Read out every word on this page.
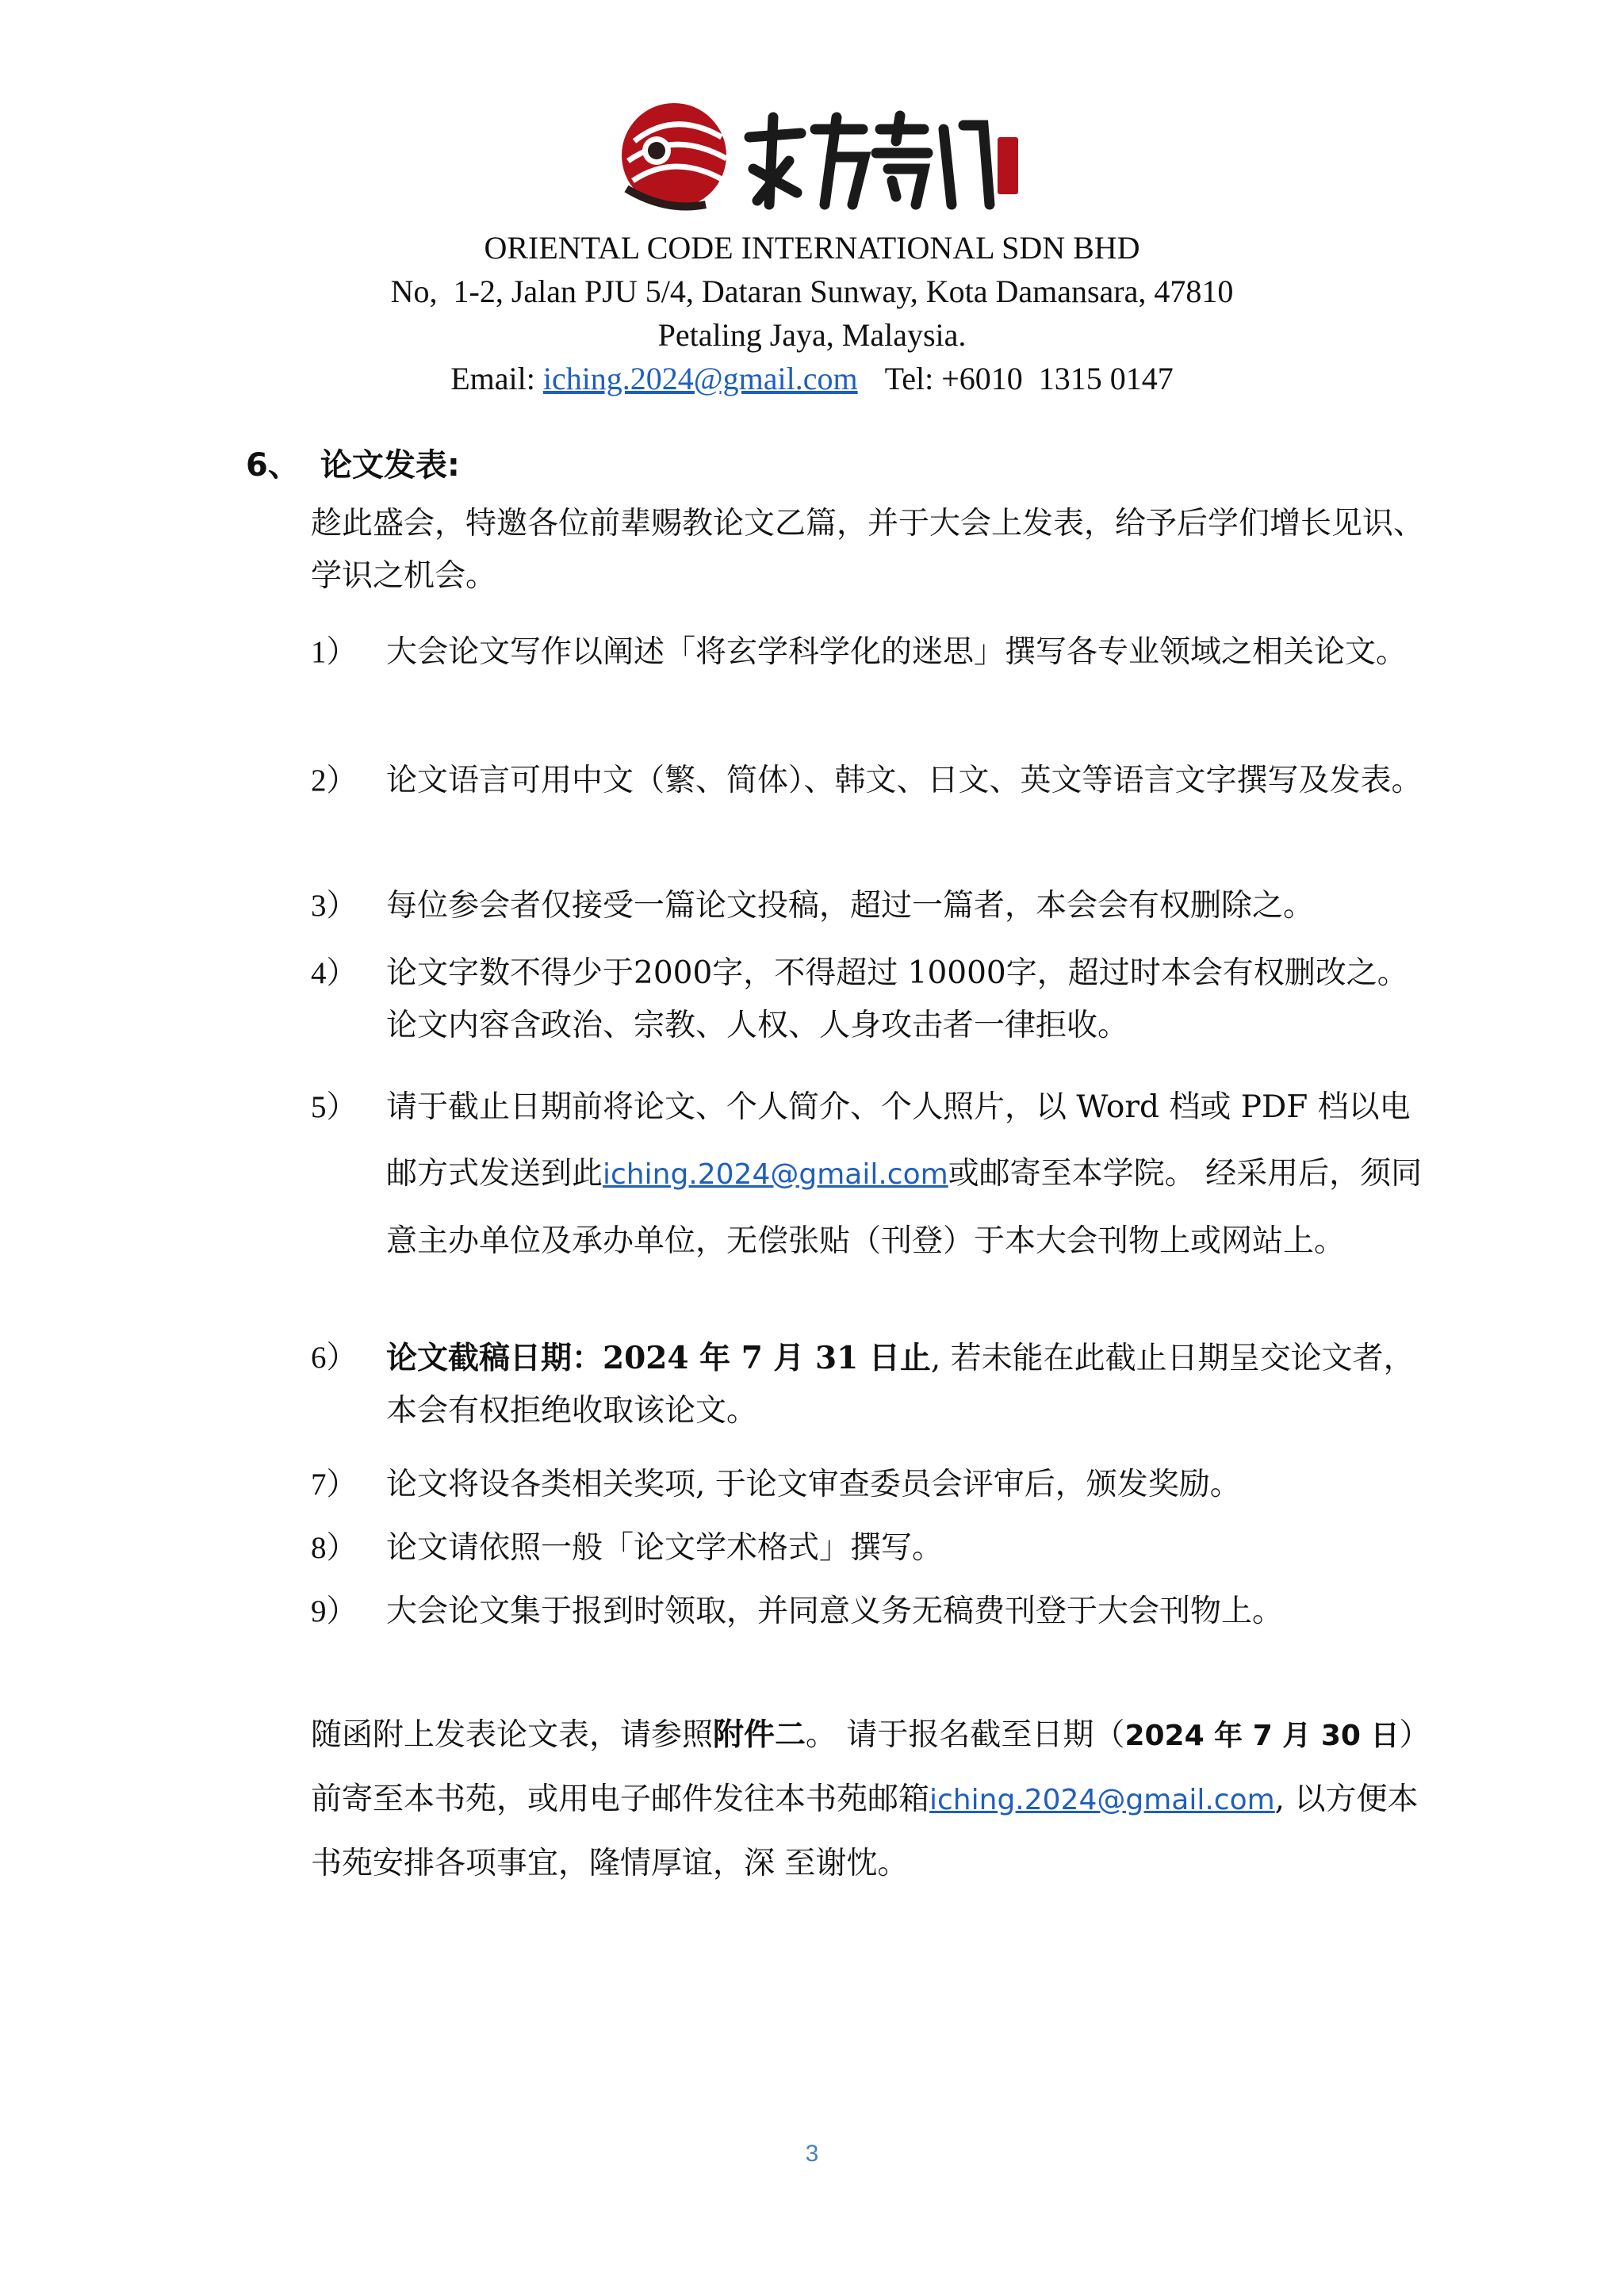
ORIENTAL CODE INTERNATIONAL SDN BHD
No,  1-2, Jalan PJU 5/4, Dataran Sunway, Kota Damansara, 47810
Petaling Jaya, Malaysia.
Email: iching.2024@gmail.com Tel: +6010  1315 0147
6、 论文发表:
趁此盛会，特邀各位前辈赐教论文乙篇，并于大会上发表，给予后学们增长见识、学识之机会。
1） 大会论文写作以阐述「将玄学科学化的迷思」撰写各专业领域之相关论文。
2） 论文语言可用中文（繁、简体）、韩文、日文、英文等语言文字撰写及发表。
3） 每位参会者仅接受一篇论文投稿，超过一篇者，本会会有权删除之。
4） 论文字数不得少于2000字，不得超过 10000字，超过时本会有权删改之。论文内容含政治、宗教、人权、人身攻击者一律拒收。
5） 请于截止日期前将论文、个人简介、个人照片，以 Word 档或 PDF 档以电邮方式发送到此iching.2024@gmail.com或邮寄至本学院。 经采用后，须同意主办单位及承办单位，无偿张贴（刊登）于本大会刊物上或网站上。
6） 论文截稿日期：2024 年 7 月 31 日止, 若未能在此截止日期呈交论文者，本会有权拒绝收取该论文。
7） 论文将设各类相关奖项, 于论文审查委员会评审后，颁发奖励。
8） 论文请依照一般「论文学术格式」撰写。
9） 大会论文集于报到时领取，并同意义务无稿费刊登于大会刊物上。
随函附上发表论文表，请参照附件二。 请于报名截至日期（2024 年 7 月 30 日）前寄至本书苑，或用电子邮件发往本书苑邮箱iching.2024@gmail.com, 以方便本书苑安排各项事宜，隆情厚谊，深 至谢忱。
3
